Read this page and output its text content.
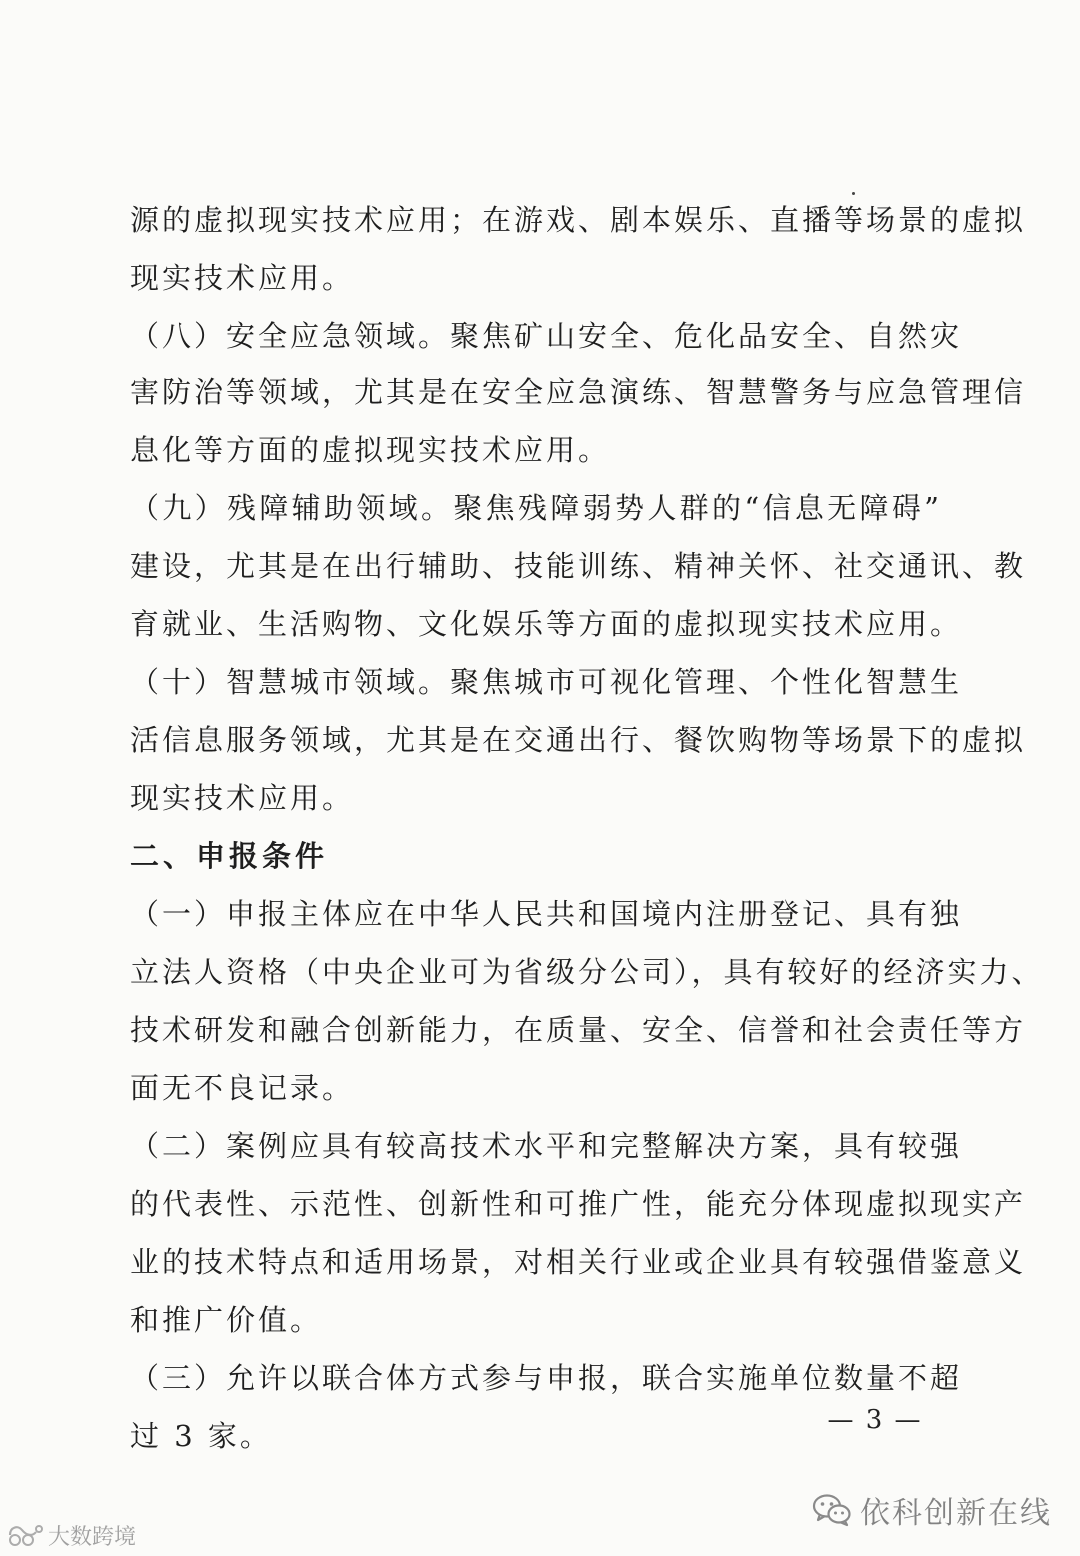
源的虚拟现实技术应用；在游戏、剧本娱乐、直播等场景的虚拟
现实技术应用。
（八）安全应急领域。聚焦矿山安全、危化品安全、自然灾
害防治等领域，尤其是在安全应急演练、智慧警务与应急管理信
息化等方面的虚拟现实技术应用。
（九）残障辅助领域。聚焦残障弱势人群的“信息无障碍”
建设，尤其是在出行辅助、技能训练、精神关怀、社交通讯、教
育就业、生活购物、文化娱乐等方面的虚拟现实技术应用。
（十）智慧城市领域。聚焦城市可视化管理、个性化智慧生
活信息服务领域，尤其是在交通出行、餐饮购物等场景下的虚拟
现实技术应用。
二、申报条件
（一）申报主体应在中华人民共和国境内注册登记、具有独
立法人资格（中央企业可为省级分公司），具有较好的经济实力、
技术研发和融合创新能力，在质量、安全、信誉和社会责任等方
面无不良记录。
（二）案例应具有较高技术水平和完整解决方案，具有较强
的代表性、示范性、创新性和可推广性，能充分体现虚拟现实产
业的技术特点和适用场景，对相关行业或企业具有较强借鉴意义
和推广价值。
（三）允许以联合体方式参与申报，联合实施单位数量不超
过 3 家。	— 3 —
依科创新在线
大数跨境
